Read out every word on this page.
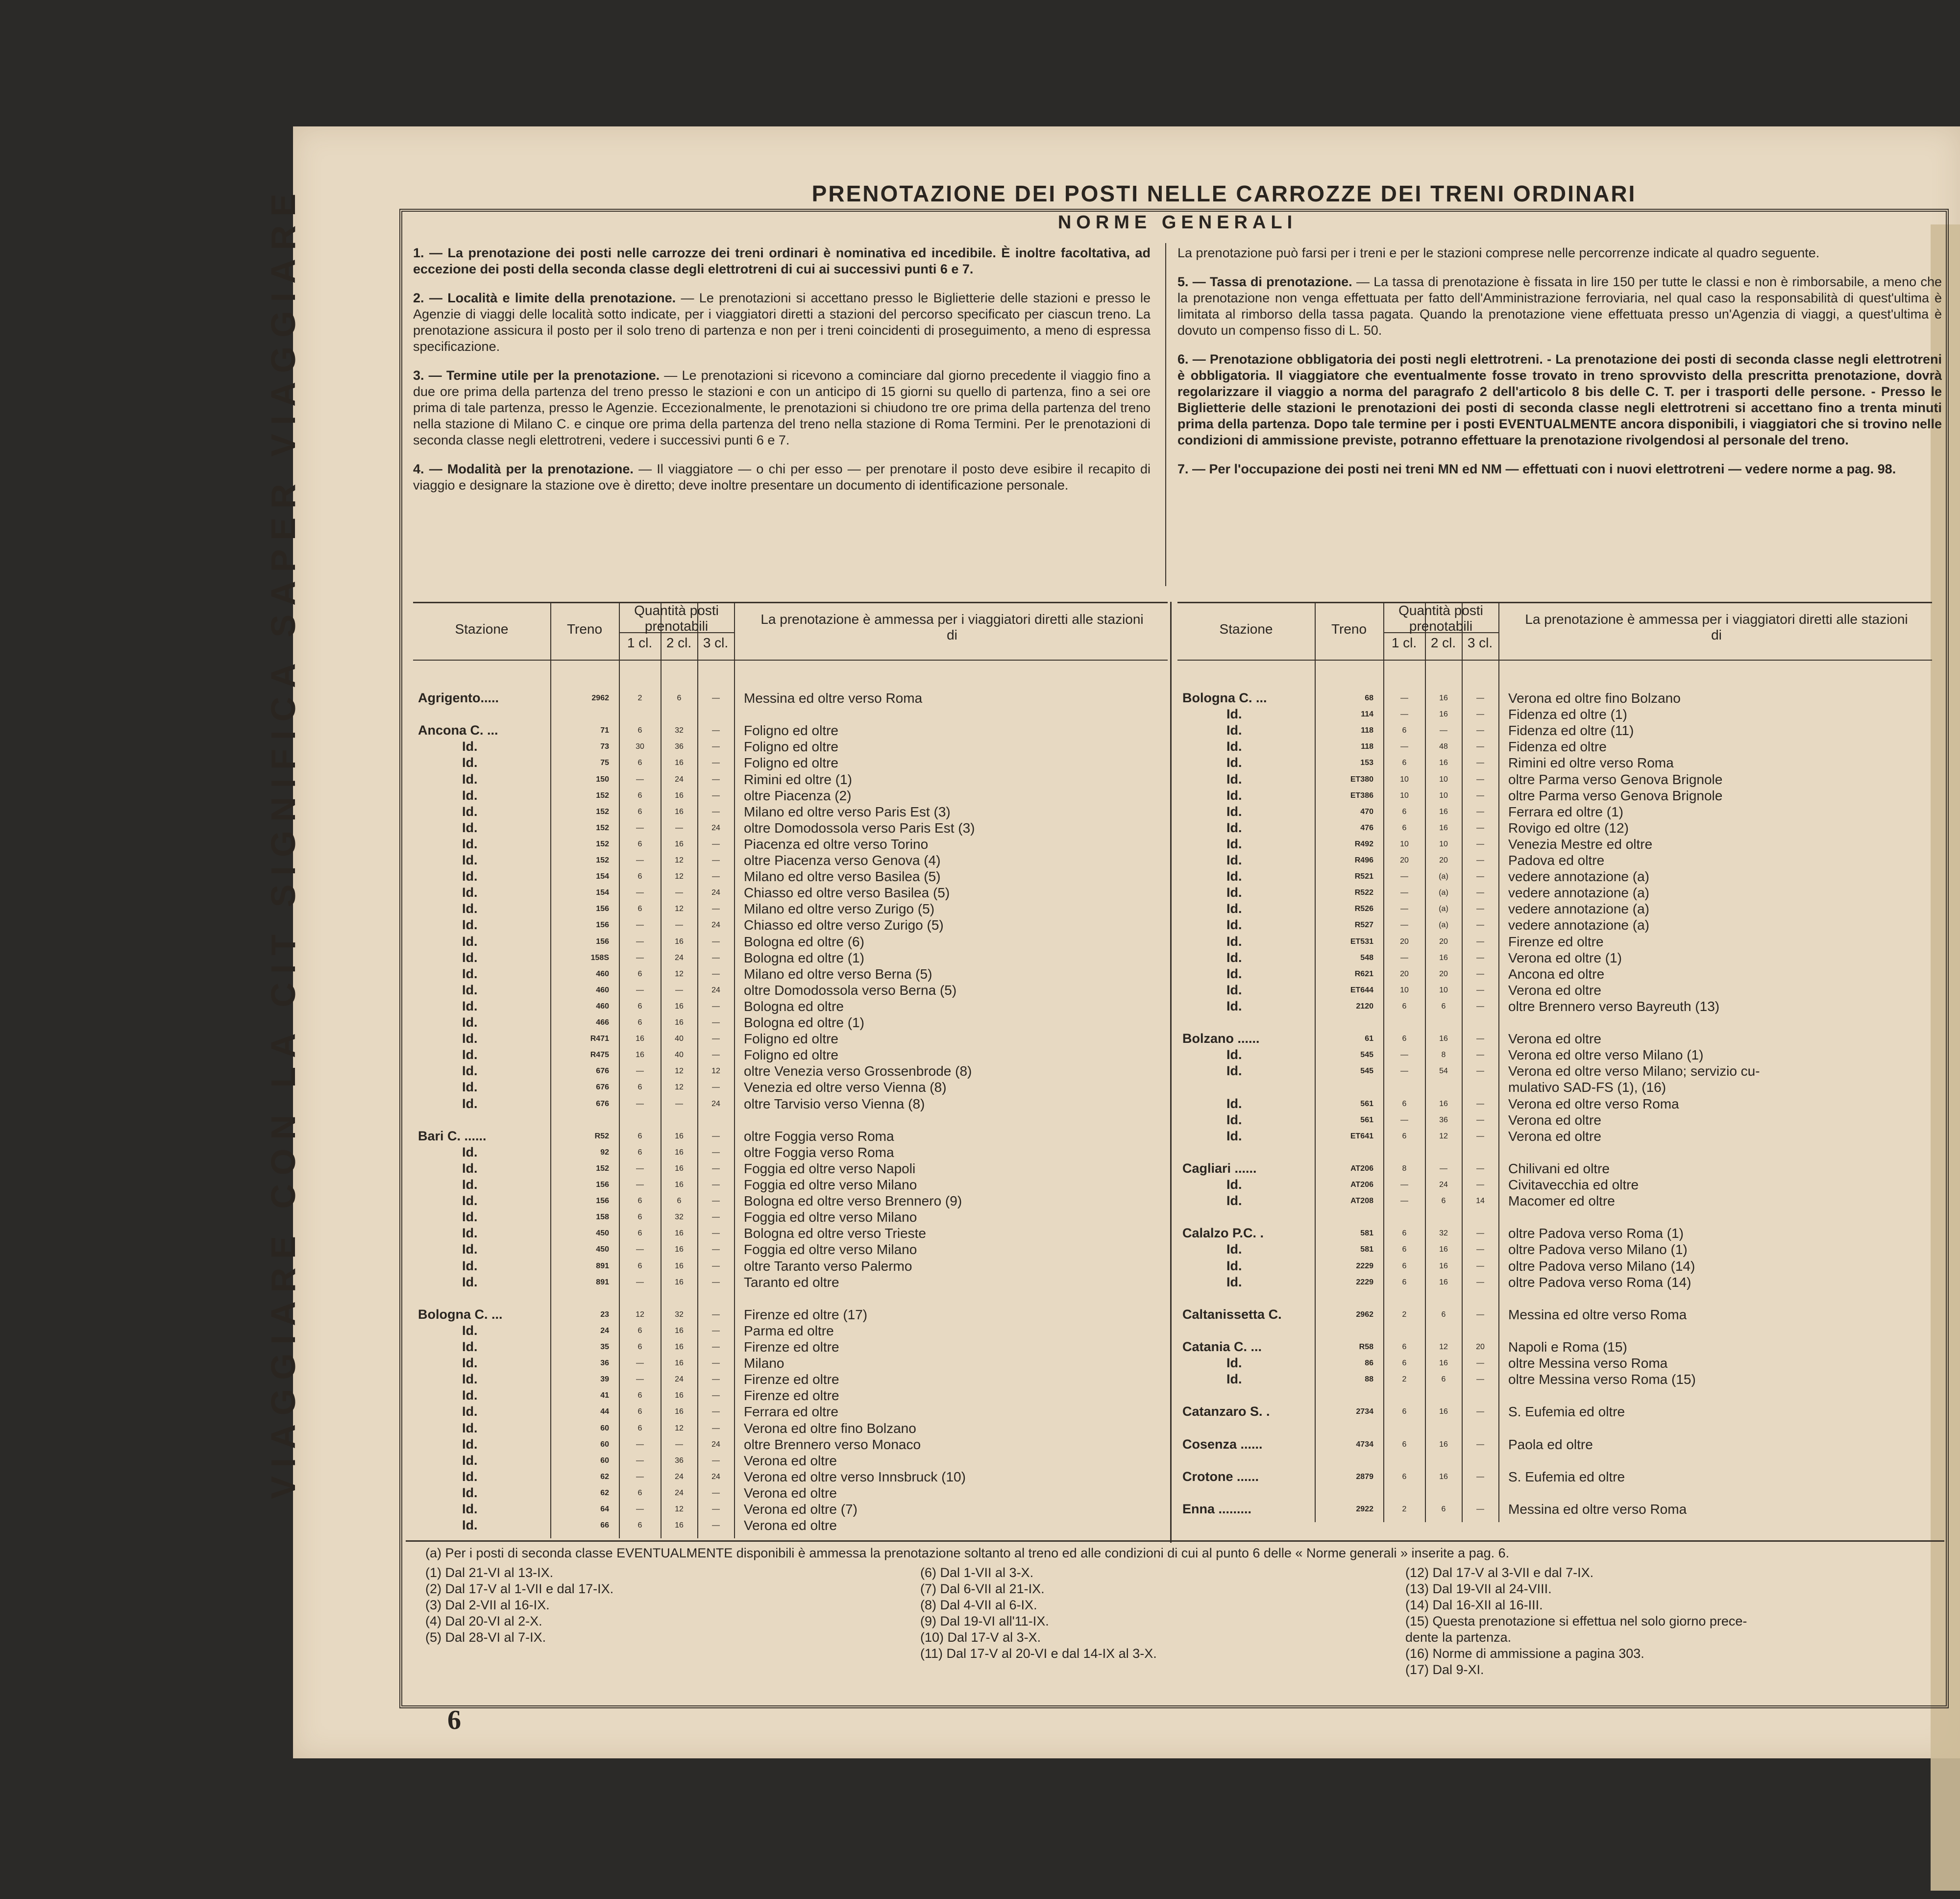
PRENOTAZIONE DEI POSTI NELLE CARROZZE DEI TRENI ORDINARI
VIAGGIARE CON LA CIT SIGNIFICA SAPER VIAGGIARE	NORME GENERALI
1. — La prenotazione dei posti nelle carrozze dei treni ordinari è nominativa ed incedibile. È inoltre facoltativa, ad eccezione dei posti della seconda classe degli elettrotreni di cui ai successivi punti 6 e 7.
2. — Località e limite della prenotazione. — Le prenotazioni si accettano presso le Biglietterie delle stazioni e presso le Agenzie di viaggi delle località sotto indicate, per i viaggiatori diretti a stazioni del percorso specificato per ciascun treno. La prenotazione assicura il posto per il solo treno di partenza e non per i treni coincidenti di proseguimento, a meno di espressa specificazione.
3. — Termine utile per la prenotazione. — Le prenotazioni si ricevono a cominciare dal giorno precedente il viaggio fino a due ore prima della partenza del treno presso le stazioni e con un anticipo di 15 giorni su quello di partenza, fino a sei ore prima di tale partenza, presso le Agenzie. Eccezionalmente, le prenotazioni si chiudono tre ore prima della partenza del treno nella stazione di Milano C. e cinque ore prima della partenza del treno nella stazione di Roma Termini. Per le prenotazioni di seconda classe negli elettrotreni, vedere i successivi punti 6 e 7.
4. — Modalità per la prenotazione. — Il viaggiatore — o chi per esso — per prenotare il posto deve esibire il recapito di viaggio e designare la stazione ove è diretto; deve inoltre presentare un documento di identificazione personale.
La prenotazione può farsi per i treni e per le stazioni comprese nelle percorrenze indicate al quadro seguente.
5. — Tassa di prenotazione. — La tassa di prenotazione è fissata in lire 150 per tutte le classi e non è rimborsabile, a meno che la prenotazione non venga effettuata per fatto dell'Amministrazione ferroviaria, nel qual caso la responsabilità di quest'ultima è limitata al rimborso della tassa pagata. Quando la prenotazione viene effettuata presso un'Agenzia di viaggi, a quest'ultima è dovuto un compenso fisso di L. 50.
6. — Prenotazione obbligatoria dei posti negli elettrotreni. - La prenotazione dei posti di seconda classe negli elettrotreni è obbligatoria. Il viaggiatore che eventualmente fosse trovato in treno sprovvisto della prescritta prenotazione, dovrà regolarizzare il viaggio a norma del paragrafo 2 dell'articolo 8 bis delle C. T. per i trasporti delle persone. - Presso le Biglietterie delle stazioni le prenotazioni dei posti di seconda classe negli elettrotreni si accettano fino a trenta minuti prima della partenza. Dopo tale termine per i posti EVENTUALMENTE ancora disponibili, i viaggiatori che si trovino nelle condizioni di ammissione previste, potranno effettuare la prenotazione rivolgendosi al personale del treno.
7. — Per l'occupazione dei posti nei treni MN ed NM — effettuati con i nuovi elettrotreni — vedere norme a pag. 98.
Stazione	Treno
Quantità posti prenotabili
1 cl.	2 cl. 3 cl.
La prenotazione è ammessa per i viaggiatori diretti alle stazioni di
Agrigento.....	2962	2	6	—	Messina ed oltre verso Roma
Ancona C. ...	71	6	32	—	Foligno ed oltre
Id.	73	30	36	—	Foligno ed oltre
Id.	75	6	16	—	Foligno ed oltre
Id.	150	—	24	—	Rimini ed oltre (1)
Id.	152	6	16	—	oltre Piacenza (2)
Id.	152	6	16	—	Milano ed oltre verso Paris Est (3)
Id.	152	—	—	24	oltre Domodossola verso Paris Est (3)
Id.	152	6	16	—	Piacenza ed oltre verso Torino
Id.	152	—	12	—	oltre Piacenza verso Genova (4)
Id.	154	6	12	—	Milano ed oltre verso Basilea (5)
Id.	154	—	—	24	Chiasso ed oltre verso Basilea (5)
Id.	156	6	12	—	Milano ed oltre verso Zurigo (5)
Id.	156	—	—	24	Chiasso ed oltre verso Zurigo (5)
Id.	156	—	16	—	Bologna ed oltre (6)
Id.	158S	—	24	—	Bologna ed oltre (1)
Id.	460	6	12	—	Milano ed oltre verso Berna (5)
Id.	460	—	—	24	oltre Domodossola verso Berna (5)
Id.	460	6	16	—	Bologna ed oltre
Id.	466	6	16	—	Bologna ed oltre (1)
Id.	R471	16	40	—	Foligno ed oltre
Id.	R475	16	40	—	Foligno ed oltre
Id.	676	—	12	12	oltre Venezia verso Grossenbrode (8)
Id.	676	6	12	—	Venezia ed oltre verso Vienna (8)
Id.	676	—	—	24	oltre Tarvisio verso Vienna (8)
Bari C. ......	R52	6	16	—	oltre Foggia verso Roma
Id.	92	6	16	—	oltre Foggia verso Roma
Id.	152	—	16	—	Foggia ed oltre verso Napoli
Id.	156	—	16	—	Foggia ed oltre verso Milano
Id.	156	6	6	—	Bologna ed oltre verso Brennero (9)
Id.	158	6	32	—	Foggia ed oltre verso Milano
Id.	450	6	16	—	Bologna ed oltre verso Trieste
Id.	450	—	16	—	Foggia ed oltre verso Milano
Id.	891	6	16	—	oltre Taranto verso Palermo
Id.	891	—	16	—	Taranto ed oltre
Bologna C. ...	23	12	32	—	Firenze ed oltre (17)
Id.	24	6	16	—	Parma ed oltre
Id.	35	6	16	—	Firenze ed oltre
Id.	36	—	16	—	Milano
Id.	39	—	24	—	Firenze ed oltre
Id.	41	6	16	—	Firenze ed oltre
Id.	44	6	16	—	Ferrara ed oltre
Id.	60	6	12	—	Verona ed oltre fino Bolzano
Id.	60	—	—	24	oltre Brennero verso Monaco
Id.	60	—	36	—	Verona ed oltre
Id.	62	—	24	24	Verona ed oltre verso Innsbruck (10)
Id.	62	6	24	—	Verona ed oltre
Id.	64	—	12	—	Verona ed oltre (7)
Id.	66	6	16	—	Verona ed oltre
Stazione	Treno
Quantità posti prenotabili
1 cl.	2 cl. 3 cl.
La prenotazione è ammessa per i viaggiatori diretti alle stazioni di
Bologna C. ...	68	—	16	—	Verona ed oltre fino Bolzano
Id.	114	—	16	—	Fidenza ed oltre (1)
Id.	118	6	—	—	Fidenza ed oltre (11)
Id.	118	—	48	—	Fidenza ed oltre
Id.	153	6	16	—	Rimini ed oltre verso Roma
Id.	ET380	10	10	—	oltre Parma verso Genova Brignole
Id.	ET386	10	10	—	oltre Parma verso Genova Brignole
Id.	470	6	16	—	Ferrara ed oltre (1)
Id.	476	6	16	—	Rovigo ed oltre (12)
Id.	R492	10	10	—	Venezia Mestre ed oltre
Id.	R496	20	20	—	Padova ed oltre
Id.	R521	—	(a)	—	vedere annotazione (a)
Id.	R522	—	(a)	—	vedere annotazione (a)
Id.	R526	—	(a)	—	vedere annotazione (a)
Id.	R527	—	(a)	—	vedere annotazione (a)
Id.	ET531	20	20	—	Firenze ed oltre
Id.	548	—	16	—	Verona ed oltre (1)
Id.	R621	20	20	—	Ancona ed oltre
Id.	ET644	10	10	—	Verona ed oltre
Id.	2120	6	6	—	oltre Brennero verso Bayreuth (13)
Bolzano ......	61	6	16	—	Verona ed oltre
Id.	545	—	8	—	Verona ed oltre verso Milano (1)
Id.	545	—	54	—	Verona ed oltre verso Milano; servizio cu-
mulativo SAD-FS (1), (16)
Id.	561	6	16	—	Verona ed oltre verso Roma
Id.	561	—	36	—	Verona ed oltre
Id.	ET641	6	12	—	Verona ed oltre
Cagliari ......	AT206	8	—	—	Chilivani ed oltre
Id.	AT206	—	24	—	Civitavecchia ed oltre
Id.	AT208	—	6	14	Macomer ed oltre
Calalzo P.C. .	581	6	32	—	oltre Padova verso Roma (1)
Id.	581	6	16	—	oltre Padova verso Milano (1)
Id.	2229	6	16	—	oltre Padova verso Milano (14)
Id.	2229	6	16	—	oltre Padova verso Roma (14)
Caltanissetta C.	2962	2	6	—	Messina ed oltre verso Roma
Catania C. ...	R58	6	12	20	Napoli e Roma (15)
Id.	86	6	16	—	oltre Messina verso Roma
Id.	88	2	6	—	oltre Messina verso Roma (15)
Catanzaro S. .	2734	6	16	—	S. Eufemia ed oltre
Cosenza ......	4734	6	16	—	Paola ed oltre
Crotone ......	2879	6	16	—	S. Eufemia ed oltre
Enna .........	2922	2	6	—	Messina ed oltre verso Roma
(a) Per i posti di seconda classe EVENTUALMENTE disponibili è ammessa la prenotazione soltanto al treno ed alle condizioni di cui al punto 6 delle « Norme generali » inserite a pag. 6.
(1) Dal 21-VI al 13-IX.
(2) Dal 17-V al 1-VII e dal 17-IX.
(3) Dal 2-VII al 16-IX.
(4) Dal 20-VI al 2-X.
(5) Dal 28-VI al 7-IX.
(6) Dal 1-VII al 3-X.
(7) Dal 6-VII al 21-IX.
(8) Dal 4-VII al 6-IX.
(9) Dal 19-VI all'11-IX.
(10) Dal 17-V al 3-X.
(11) Dal 17-V al 20-VI e dal 14-IX al 3-X.
(12) Dal 17-V al 3-VII e dal 7-IX.
(13) Dal 19-VII al 24-VIII.
(14) Dal 16-XII al 16-III.
(15) Questa prenotazione si effettua nel solo giorno prece-
dente la partenza.
(16) Norme di ammissione a pagina 303.
(17) Dal 9-XI.
6
